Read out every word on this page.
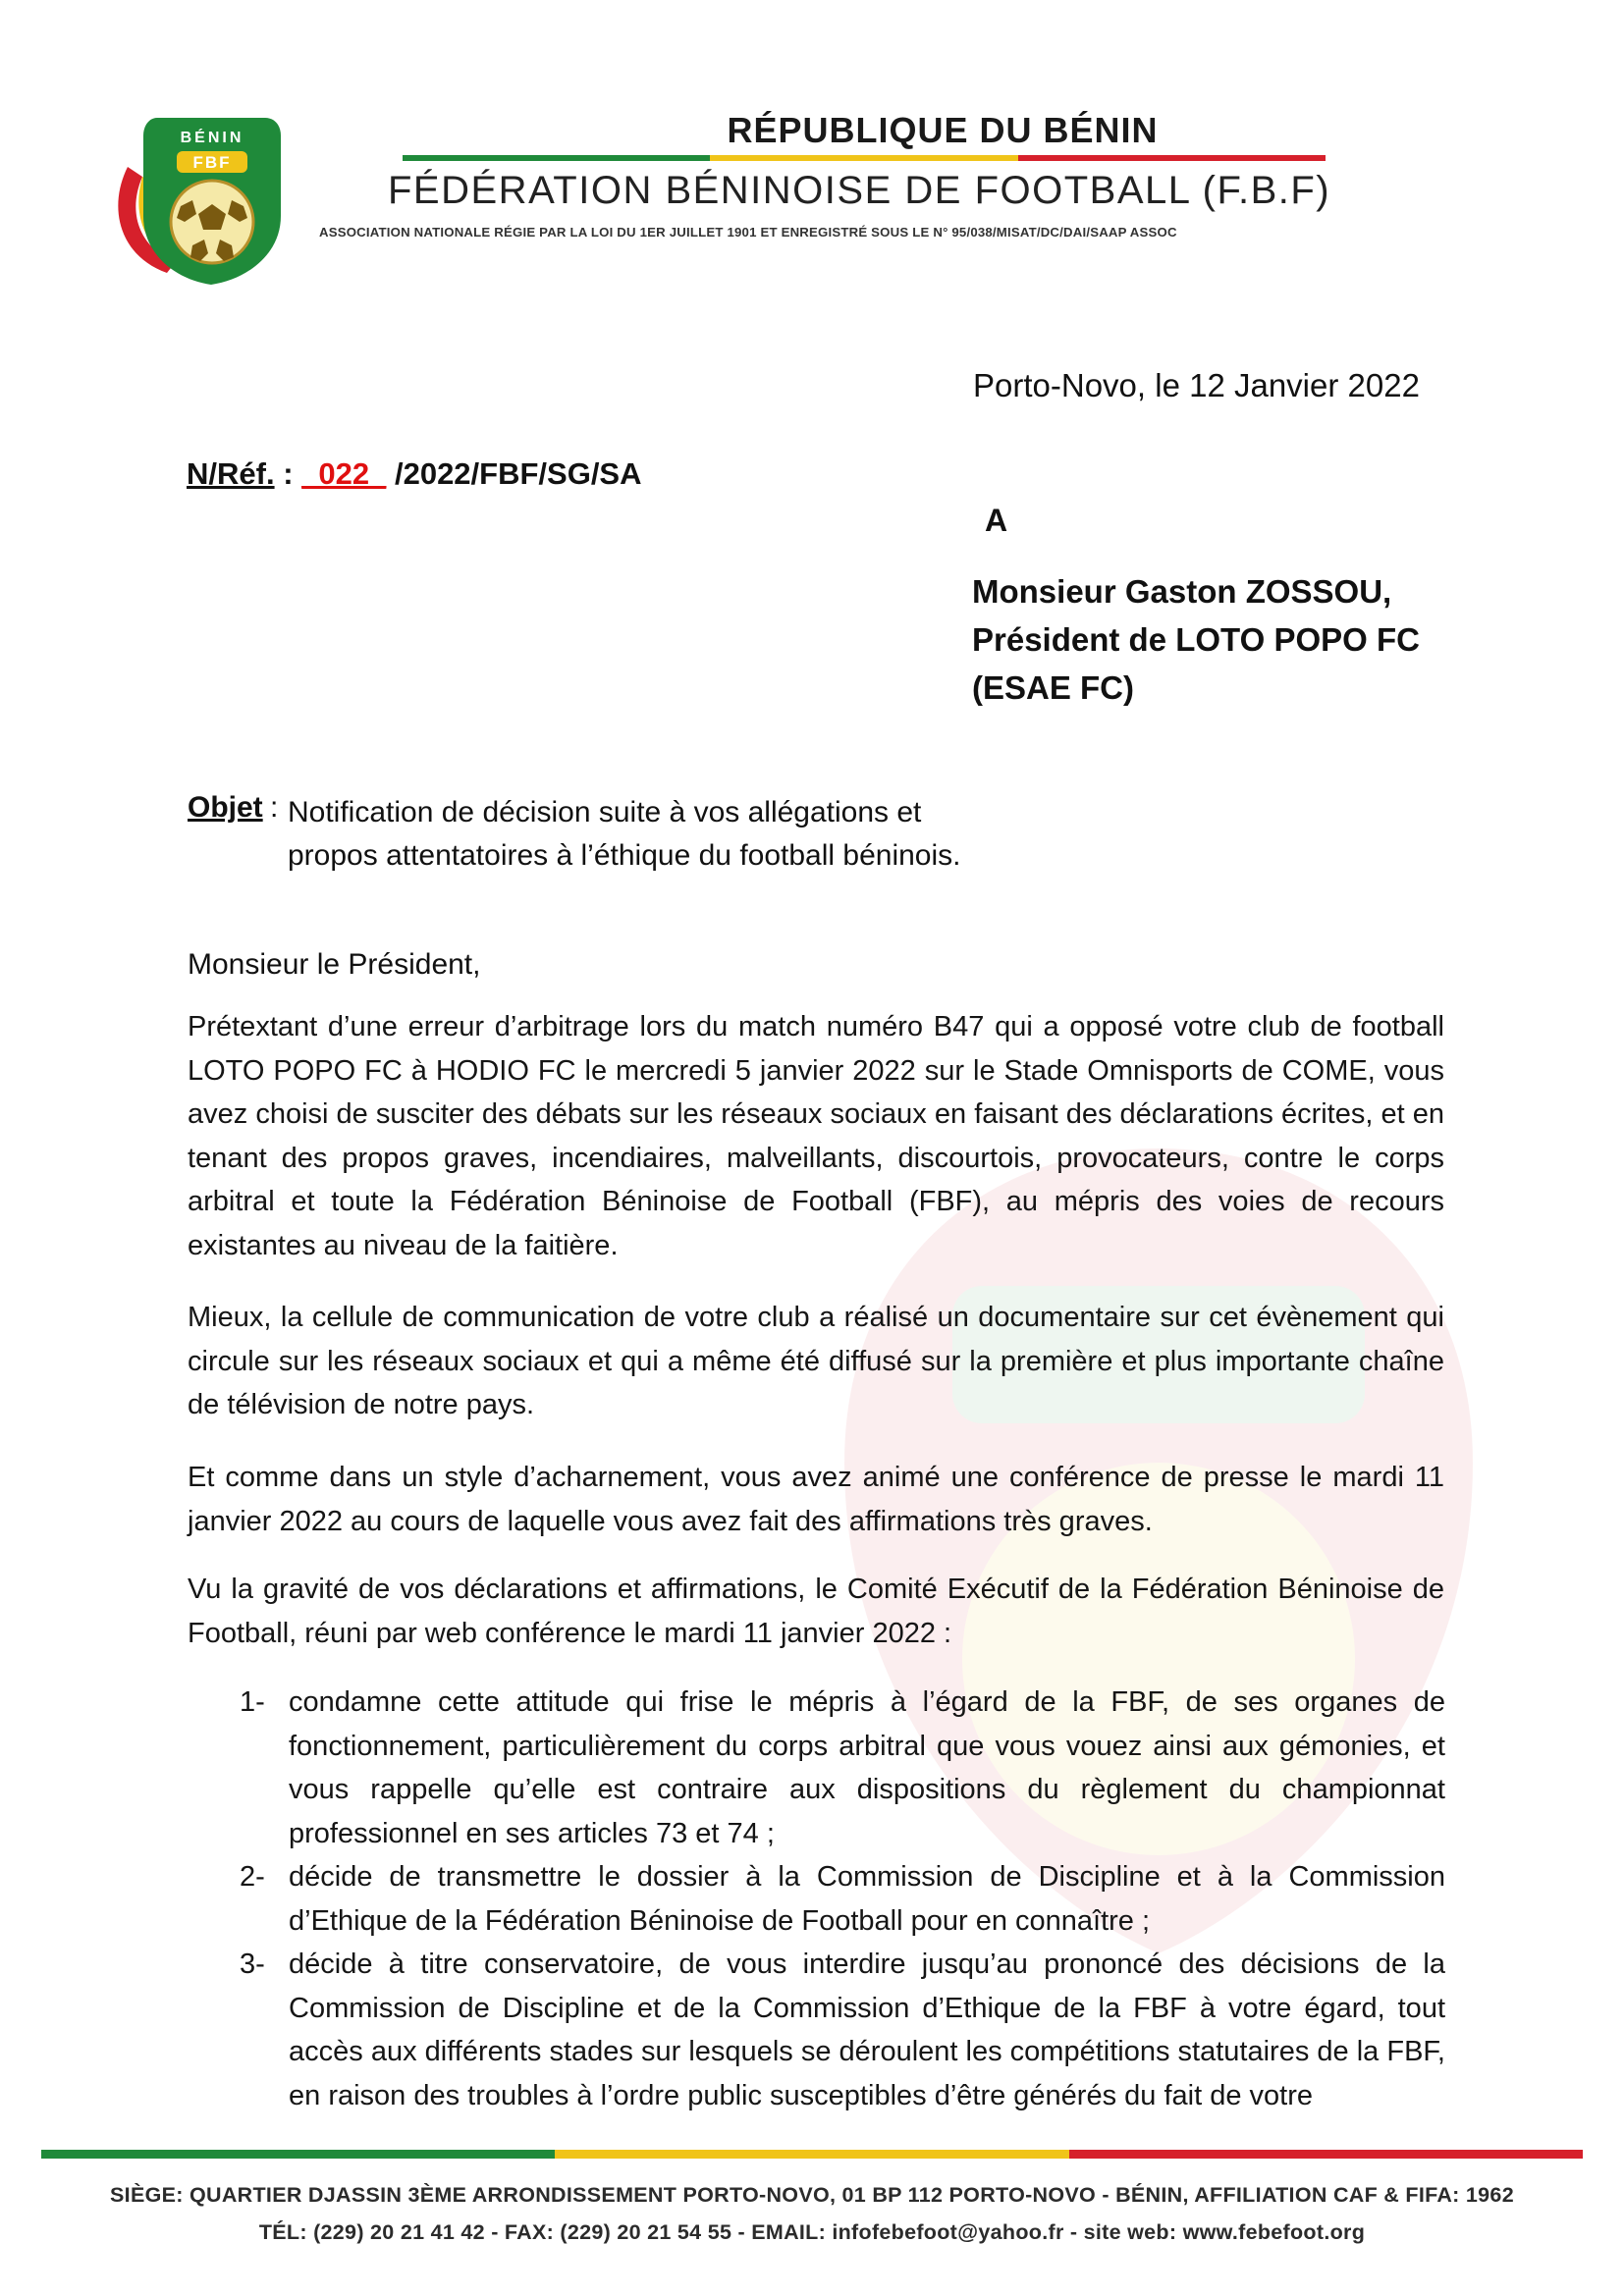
BÉNIN
FBF
RÉPUBLIQUE DU BÉNIN
FÉDÉRATION BÉNINOISE DE FOOTBALL (F.B.F)
ASSOCIATION NATIONALE RÉGIE PAR LA LOI DU 1ER JUILLET 1901 ET ENREGISTRÉ SOUS LE N° 95/038/MISAT/DC/DAI/SAAP ASSOC
Porto-Novo, le 12 Janvier 2022
N/Réf. : _022_ /2022/FBF/SG/SA
A
Monsieur Gaston ZOSSOU,
Président de LOTO POPO FC
(ESAE FC)
Objet : Notification de décision suite à vos allégations et
propos attentatoires à l’éthique du football béninois.
Monsieur le Président,

Prétextant d’une erreur d’arbitrage lors du match numéro B47 qui a opposé votre club de football LOTO POPO FC à HODIO FC le mercredi 5 janvier 2022 sur le Stade Omnisports de COME, vous avez choisi de susciter des débats sur les réseaux sociaux en faisant des déclarations écrites, et en tenant des propos graves, incendiaires, malveillants, discourtois, provocateurs, contre le corps arbitral et toute la Fédération Béninoise de Football (FBF), au mépris des voies de recours existantes au niveau de la faitière.

Mieux, la cellule de communication de votre club a réalisé un documentaire sur cet évènement qui circule sur les réseaux sociaux et qui a même été diffusé sur la première et plus importante chaîne de télévision de notre pays.

Et comme dans un style d’acharnement, vous avez animé une conférence de presse le mardi 11 janvier 2022 au cours de laquelle vous avez fait des affirmations très graves.

Vu la gravité de vos déclarations et affirmations, le Comité Exécutif de la Fédération Béninoise de Football, réuni par web conférence le mardi 11 janvier 2022 :

1- condamne cette attitude qui frise le mépris à l’égard de la FBF, de ses organes de fonctionnement, particulièrement du corps arbitral que vous vouez ainsi aux gémonies, et vous rappelle qu’elle est contraire aux dispositions du règlement du championnat professionnel en ses articles 73 et 74 ;
2- décide de transmettre le dossier à la Commission de Discipline et à la Commission d’Ethique de la Fédération Béninoise de Football pour en connaître ;
3- décide à titre conservatoire, de vous interdire jusqu’au prononcé des décisions de la Commission de Discipline et de la Commission d’Ethique de la FBF à votre égard, tout accès aux différents stades sur lesquels se déroulent les compétitions statutaires de la FBF, en raison des troubles à l’ordre public susceptibles d’être générés du fait de votre
SIÈGE: QUARTIER DJASSIN 3ÈME ARRONDISSEMENT PORTO-NOVO, 01 BP 112 PORTO-NOVO - BÉNIN, AFFILIATION CAF & FIFA: 1962
TÉL: (229) 20 21 41 42 - FAX: (229) 20 21 54 55 - EMAIL: infofebefoot@yahoo.fr - site web: www.febefoot.org
